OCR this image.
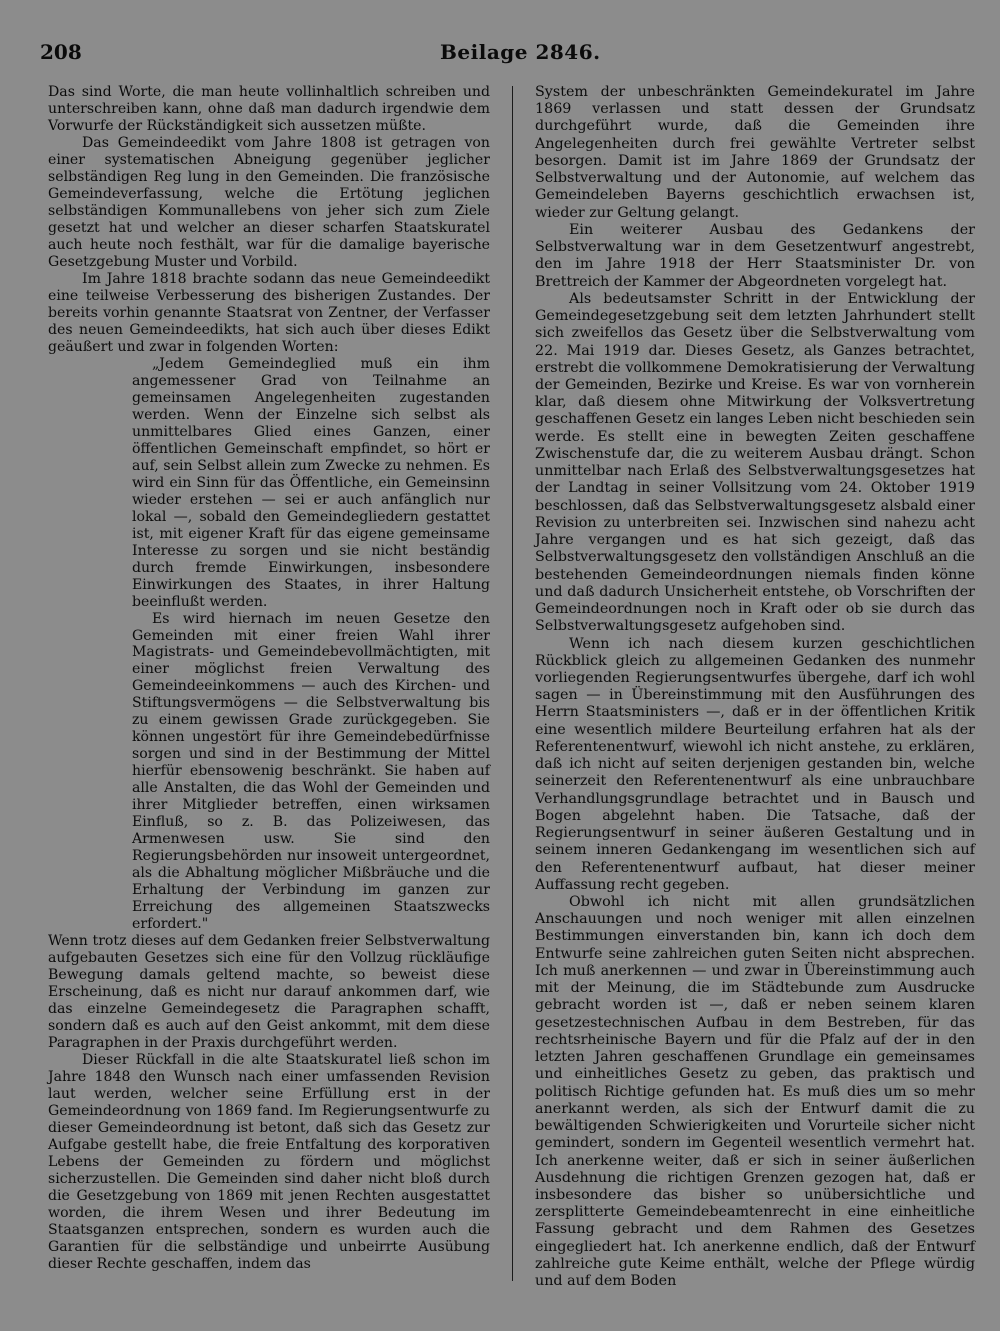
208	Beilage 2846.

Das sind Worte, die man heute vollinhaltlich schreiben und unterschreiben kann, ohne daß man dadurch irgendwie dem Vorwurfe der Rückständigkeit sich aussetzen müßte.

Das Gemeindeedikt vom Jahre 1808 ist getragen von einer systematischen Abneigung gegenüber jeglicher selbständigen Reg lung in den Gemeinden. Die französische Gemeindeverfassung, welche die Ertötung jeglichen selbständigen Kommunallebens von jeher sich zum Ziele gesetzt hat und welcher an dieser scharfen Staatskuratel auch heute noch festhält, war für die damalige bayerische Gesetzgebung Muster und Vorbild.

Im Jahre 1818 brachte sodann das neue Gemeindeedikt eine teilweise Verbesserung des bisherigen Zustandes. Der bereits vorhin genannte Staatsrat von Zentner, der Verfasser des neuen Gemeindeedikts, hat sich auch über dieses Edikt geäußert und zwar in folgenden Worten:

„Jedem Gemeindeglied muß ein ihm angemessener Grad von Teilnahme an gemeinsamen Angelegenheiten zugestanden werden. Wenn der Einzelne sich selbst als unmittelbares Glied eines Ganzen, einer öffentlichen Gemeinschaft empfindet, so hört er auf, sein Selbst allein zum Zwecke zu nehmen. Es wird ein Sinn für das Öffentliche, ein Gemeinsinn wieder erstehen — sei er auch anfänglich nur lokal —, sobald den Gemeindegliedern gestattet ist, mit eigener Kraft für das eigene gemeinsame Interesse zu sorgen und sie nicht beständig durch fremde Einwirkungen, insbesondere Einwirkungen des Staates, in ihrer Haltung beeinflußt werden.

Es wird hiernach im neuen Gesetze den Gemeinden mit einer freien Wahl ihrer Magistrats- und Gemeindebevollmächtigten, mit einer möglichst freien Verwaltung des Gemeindeeinkommens — auch des Kirchen- und Stiftungsvermögens — die Selbstverwaltung bis zu einem gewissen Grade zurückgegeben. Sie können ungestört für ihre Gemeindebedürfnisse sorgen und sind in der Bestimmung der Mittel hierfür ebensowenig beschränkt. Sie haben auf alle Anstalten, die das Wohl der Gemeinden und ihrer Mitglieder betreffen, einen wirksamen Einfluß, so z. B. das Polizeiwesen, das Armenwesen usw. Sie sind den Regierungsbehörden nur insoweit untergeordnet, als die Abhaltung möglicher Mißbräuche und die Erhaltung der Verbindung im ganzen zur Erreichung des allgemeinen Staatszwecks erfordert."

Wenn trotz dieses auf dem Gedanken freier Selbstverwaltung aufgebauten Gesetzes sich eine für den Vollzug rückläufige Bewegung damals geltend machte, so beweist diese Erscheinung, daß es nicht nur darauf ankommen darf, wie das einzelne Gemeindegesetz die Paragraphen schafft, sondern daß es auch auf den Geist ankommt, mit dem diese Paragraphen in der Praxis durchgeführt werden.

Dieser Rückfall in die alte Staatskuratel ließ schon im Jahre 1848 den Wunsch nach einer umfassenden Revision laut werden, welcher seine Erfüllung erst in der Gemeindeordnung von 1869 fand. Im Regierungsentwurfe zu dieser Gemeindeordnung ist betont, daß sich das Gesetz zur Aufgabe gestellt habe, die freie Entfaltung des korporativen Lebens der Gemeinden zu fördern und möglichst sicherzustellen. Die Gemeinden sind daher nicht bloß durch die Gesetzgebung von 1869 mit jenen Rechten ausgestattet worden, die ihrem Wesen und ihrer Bedeutung im Staatsganzen entsprechen, sondern es wurden auch die Garantien für die selbständige und unbeirrte Ausübung dieser Rechte geschaffen, indem das

System der unbeschränkten Gemeindekuratel im Jahre 1869 verlassen und statt dessen der Grundsatz durchgeführt wurde, daß die Gemeinden ihre Angelegenheiten durch frei gewählte Vertreter selbst besorgen. Damit ist im Jahre 1869 der Grundsatz der Selbstverwaltung und der Autonomie, auf welchem das Gemeindeleben Bayerns geschichtlich erwachsen ist, wieder zur Geltung gelangt.

Ein weiterer Ausbau des Gedankens der Selbstverwaltung war in dem Gesetzentwurf angestrebt, den im Jahre 1918 der Herr Staatsminister Dr. von Brettreich der Kammer der Abgeordneten vorgelegt hat.

Als bedeutsamster Schritt in der Entwicklung der Gemeindegesetzgebung seit dem letzten Jahrhundert stellt sich zweifellos das Gesetz über die Selbstverwaltung vom 22. Mai 1919 dar. Dieses Gesetz, als Ganzes betrachtet, erstrebt die vollkommene Demokratisierung der Verwaltung der Gemeinden, Bezirke und Kreise. Es war von vornherein klar, daß diesem ohne Mitwirkung der Volksvertretung geschaffenen Gesetz ein langes Leben nicht beschieden sein werde. Es stellt eine in bewegten Zeiten geschaffene Zwischenstufe dar, die zu weiterem Ausbau drängt. Schon unmittelbar nach Erlaß des Selbstverwaltungsgesetzes hat der Landtag in seiner Vollsitzung vom 24. Oktober 1919 beschlossen, daß das Selbstverwaltungsgesetz alsbald einer Revision zu unterbreiten sei. Inzwischen sind nahezu acht Jahre vergangen und es hat sich gezeigt, daß das Selbstverwaltungsgesetz den vollständigen Anschluß an die bestehenden Gemeindeordnungen niemals finden könne und daß dadurch Unsicherheit entstehe, ob Vorschriften der Gemeindeordnungen noch in Kraft oder ob sie durch das Selbstverwaltungsgesetz aufgehoben sind.

Wenn ich nach diesem kurzen geschichtlichen Rückblick gleich zu allgemeinen Gedanken des nunmehr vorliegenden Regierungsentwurfes übergehe, darf ich wohl sagen — in Übereinstimmung mit den Ausführungen des Herrn Staatsministers —, daß er in der öffentlichen Kritik eine wesentlich mildere Beurteilung erfahren hat als der Referentenentwurf, wiewohl ich nicht anstehe, zu erklären, daß ich nicht auf seiten derjenigen gestanden bin, welche seinerzeit den Referentenentwurf als eine unbrauchbare Verhandlungsgrundlage betrachtet und in Bausch und Bogen abgelehnt haben. Die Tatsache, daß der Regierungsentwurf in seiner äußeren Gestaltung und in seinem inneren Gedankengang im wesentlichen sich auf den Referentenentwurf aufbaut, hat dieser meiner Auffassung recht gegeben.

Obwohl ich nicht mit allen grundsätzlichen Anschauungen und noch weniger mit allen einzelnen Bestimmungen einverstanden bin, kann ich doch dem Entwurfe seine zahlreichen guten Seiten nicht absprechen. Ich muß anerkennen — und zwar in Übereinstimmung auch mit der Meinung, die im Städtebunde zum Ausdrucke gebracht worden ist —, daß er neben seinem klaren gesetzestechnischen Aufbau in dem Bestreben, für das rechtsrheinische Bayern und für die Pfalz auf der in den letzten Jahren geschaffenen Grundlage ein gemeinsames und einheitliches Gesetz zu geben, das praktisch und politisch Richtige gefunden hat. Es muß dies um so mehr anerkannt werden, als sich der Entwurf damit die zu bewältigenden Schwierigkeiten und Vorurteile sicher nicht gemindert, sondern im Gegenteil wesentlich vermehrt hat. Ich anerkenne weiter, daß er sich in seiner äußerlichen Ausdehnung die richtigen Grenzen gezogen hat, daß er insbesondere das bisher so unübersichtliche und zersplitterte Gemeindebeamtenrecht in eine einheitliche Fassung gebracht und dem Rahmen des Gesetzes eingegliedert hat. Ich anerkenne endlich, daß der Entwurf zahlreiche gute Keime enthält, welche der Pflege würdig und auf dem Boden
